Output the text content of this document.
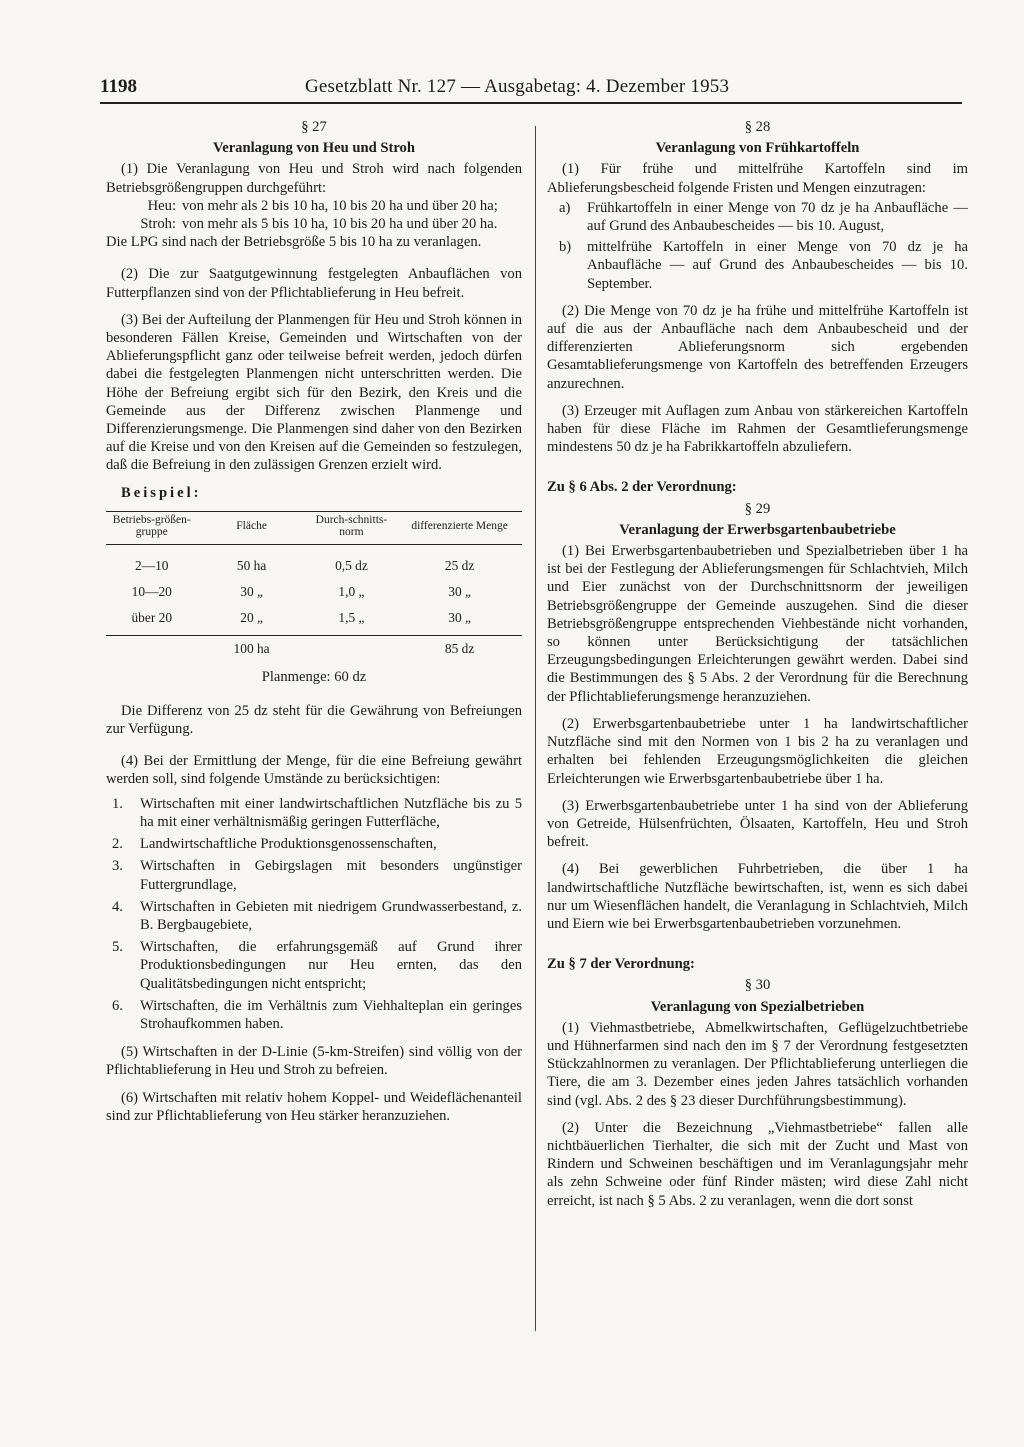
1198	Gesetzblatt Nr. 127 — Ausgabetag: 4. Dezember 1953
§ 27
Veranlagung von Heu und Stroh

(1) Die Veranlagung von Heu und Stroh wird nach folgenden Betriebsgrößengruppen durchgeführt:

Heu: von mehr als 2 bis 10 ha, 10 bis 20 ha und über 20 ha;
Stroh: von mehr als 5 bis 10 ha, 10 bis 20 ha und über 20 ha.

Die LPG sind nach der Betriebsgröße 5 bis 10 ha zu veranlagen.

(2) Die zur Saatgutgewinnung festgelegten Anbauflächen von Futterpflanzen sind von der Pflichtablieferung in Heu befreit.

(3) Bei der Aufteilung der Planmengen für Heu und Stroh können in besonderen Fällen Kreise, Gemeinden und Wirtschaften von der Ablieferungspflicht ganz oder teilweise befreit werden, jedoch dürfen dabei die festgelegten Planmengen nicht unterschritten werden. Die Höhe der Befreiung ergibt sich für den Bezirk, den Kreis und die Gemeinde aus der Differenz zwischen Planmenge und Differenzierungsmenge. Die Planmengen sind daher von den Bezirken auf die Kreise und von den Kreisen auf die Gemeinden so festzulegen, daß die Befreiung in den zulässigen Grenzen erzielt wird.

Beispiel:

Betriebs-größen-gruppe	Fläche	Durch-schnitts-norm	differenzierte Menge
2—10	50 ha	0,5 dz	25 dz
10—20	30 „	1,0 „	30 „
über 20	20 „	1,5 „	30 „
	100 ha		85 dz
Planmenge: 60 dz

Die Differenz von 25 dz steht für die Gewährung von Befreiungen zur Verfügung.

(4) Bei der Ermittlung der Menge, für die eine Befreiung gewährt werden soll, sind folgende Umstände zu berücksichtigen:

1.	Wirtschaften mit einer landwirtschaftlichen Nutzfläche bis zu 5 ha mit einer verhältnismäßig geringen Futterfläche,
2.	Landwirtschaftliche Produktionsgenossenschaften,
3.	Wirtschaften in Gebirgslagen mit besonders ungünstiger Futtergrundlage,
4.	Wirtschaften in Gebieten mit niedrigem Grundwasserbestand, z. B. Bergbaugebiete,
5.	Wirtschaften, die erfahrungsgemäß auf Grund ihrer Produktionsbedingungen nur Heu ernten, das den Qualitätsbedingungen nicht entspricht;
6.	Wirtschaften, die im Verhältnis zum Viehhalteplan ein geringes Strohaufkommen haben.

(5) Wirtschaften in der D-Linie (5-km-Streifen) sind völlig von der Pflichtablieferung in Heu und Stroh zu befreien.

(6) Wirtschaften mit relativ hohem Koppel- und Weideflächenanteil sind zur Pflichtablieferung von Heu stärker heranzuziehen.

§ 28
Veranlagung von Frühkartoffeln

(1) Für frühe und mittelfrühe Kartoffeln sind im Ablieferungsbescheid folgende Fristen und Mengen einzutragen:

a)	Frühkartoffeln in einer Menge von 70 dz je ha Anbaufläche — auf Grund des Anbaubescheides — bis 10. August,
b)	mittelfrühe Kartoffeln in einer Menge von 70 dz je ha Anbaufläche — auf Grund des Anbaubescheides — bis 10. September.

(2) Die Menge von 70 dz je ha frühe und mittelfrühe Kartoffeln ist auf die aus der Anbaufläche nach dem Anbaubescheid und der differenzierten Ablieferungsnorm sich ergebenden Gesamtablieferungsmenge von Kartoffeln des betreffenden Erzeugers anzurechnen.

(3) Erzeuger mit Auflagen zum Anbau von stärkereichen Kartoffeln haben für diese Fläche im Rahmen der Gesamtlieferungsmenge mindestens 50 dz je ha Fabrikkartoffeln abzuliefern.

Zu § 6 Abs. 2 der Verordnung:
§ 29
Veranlagung der Erwerbsgartenbaubetriebe

(1) Bei Erwerbsgartenbaubetrieben und Spezialbetrieben über 1 ha ist bei der Festlegung der Ablieferungsmengen für Schlachtvieh, Milch und Eier zunächst von der Durchschnittsnorm der jeweiligen Betriebsgrößengruppe der Gemeinde auszugehen. Sind die dieser Betriebsgrößengruppe entsprechenden Viehbestände nicht vorhanden, so können unter Berücksichtigung der tatsächlichen Erzeugungsbedingungen Erleichterungen gewährt werden. Dabei sind die Bestimmungen des § 5 Abs. 2 der Verordnung für die Berechnung der Pflichtablieferungsmenge heranzuziehen.

(2) Erwerbsgartenbaubetriebe unter 1 ha landwirtschaftlicher Nutzfläche sind mit den Normen von 1 bis 2 ha zu veranlagen und erhalten bei fehlenden Erzeugungsmöglichkeiten die gleichen Erleichterungen wie Erwerbsgartenbaubetriebe über 1 ha.

(3) Erwerbsgartenbaubetriebe unter 1 ha sind von der Ablieferung von Getreide, Hülsenfrüchten, Ölsaaten, Kartoffeln, Heu und Stroh befreit.

(4) Bei gewerblichen Fuhrbetrieben, die über 1 ha landwirtschaftliche Nutzfläche bewirtschaften, ist, wenn es sich dabei nur um Wiesenflächen handelt, die Veranlagung in Schlachtvieh, Milch und Eiern wie bei Erwerbsgartenbaubetrieben vorzunehmen.

Zu § 7 der Verordnung:
§ 30
Veranlagung von Spezialbetrieben

(1) Viehmastbetriebe, Abmelkwirtschaften, Geflügelzuchtbetriebe und Hühnerfarmen sind nach den im § 7 der Verordnung festgesetzten Stückzahlnormen zu veranlagen. Der Pflichtablieferung unterliegen die Tiere, die am 3. Dezember eines jeden Jahres tatsächlich vorhanden sind (vgl. Abs. 2 des § 23 dieser Durchführungsbestimmung).

(2) Unter die Bezeichnung „Viehmastbetriebe“ fallen alle nichtbäuerlichen Tierhalter, die sich mit der Zucht und Mast von Rindern und Schweinen beschäftigen und im Veranlagungsjahr mehr als zehn Schweine oder fünf Rinder mästen; wird diese Zahl nicht erreicht, ist nach § 5 Abs. 2 zu veranlagen, wenn die dort sonst
